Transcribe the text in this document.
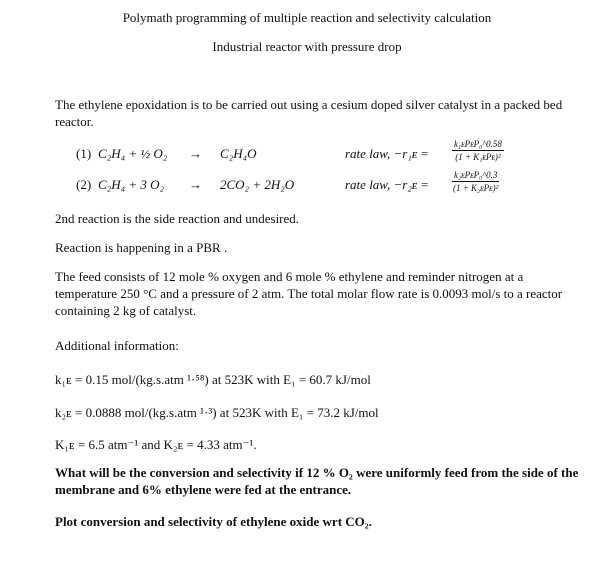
Polymath programming of multiple reaction and selectivity calculation
Industrial reactor with pressure drop
The ethylene epoxidation is to be carried out using a cesium doped silver catalyst in a packed bed reactor.
(1) C₂H₄ + ½ O₂ → C₂H₄O	rate law, −r₁ᴇ =
k₁ᴇPᴇP₀^0.58
(1 + K₁ᴇPᴇ)²
(2) C₂H₄ + 3 O₂ → 2CO₂ + 2H₂O	rate law, −r₂ᴇ =
k₂ᴇPᴇP₀^0.3
(1 + K₂ᴇPᴇ)²
2nd reaction is the side reaction and undesired.
Reaction is happening in a PBR .
The feed consists of 12 mole % oxygen and 6 mole % ethylene and reminder nitrogen at a temperature 250 °C and a pressure of 2 atm. The total molar flow rate is 0.0093 mol/s to a reactor containing 2 kg of catalyst.
Additional information:
k₁ᴇ = 0.15 mol/(kg.s.atm ¹·⁵⁸) at 523K with E₁ = 60.7 kJ/mol
k₂ᴇ = 0.0888 mol/(kg.s.atm ¹·³) at 523K with E₁ = 73.2 kJ/mol
K₁ᴇ = 6.5 atm⁻¹ and K₂ᴇ = 4.33 atm⁻¹.
What will be the conversion and selectivity if 12 % O₂ were uniformly feed from the side of the membrane and 6% ethylene were fed at the entrance.
Plot conversion and selectivity of ethylene oxide wrt CO₂.
